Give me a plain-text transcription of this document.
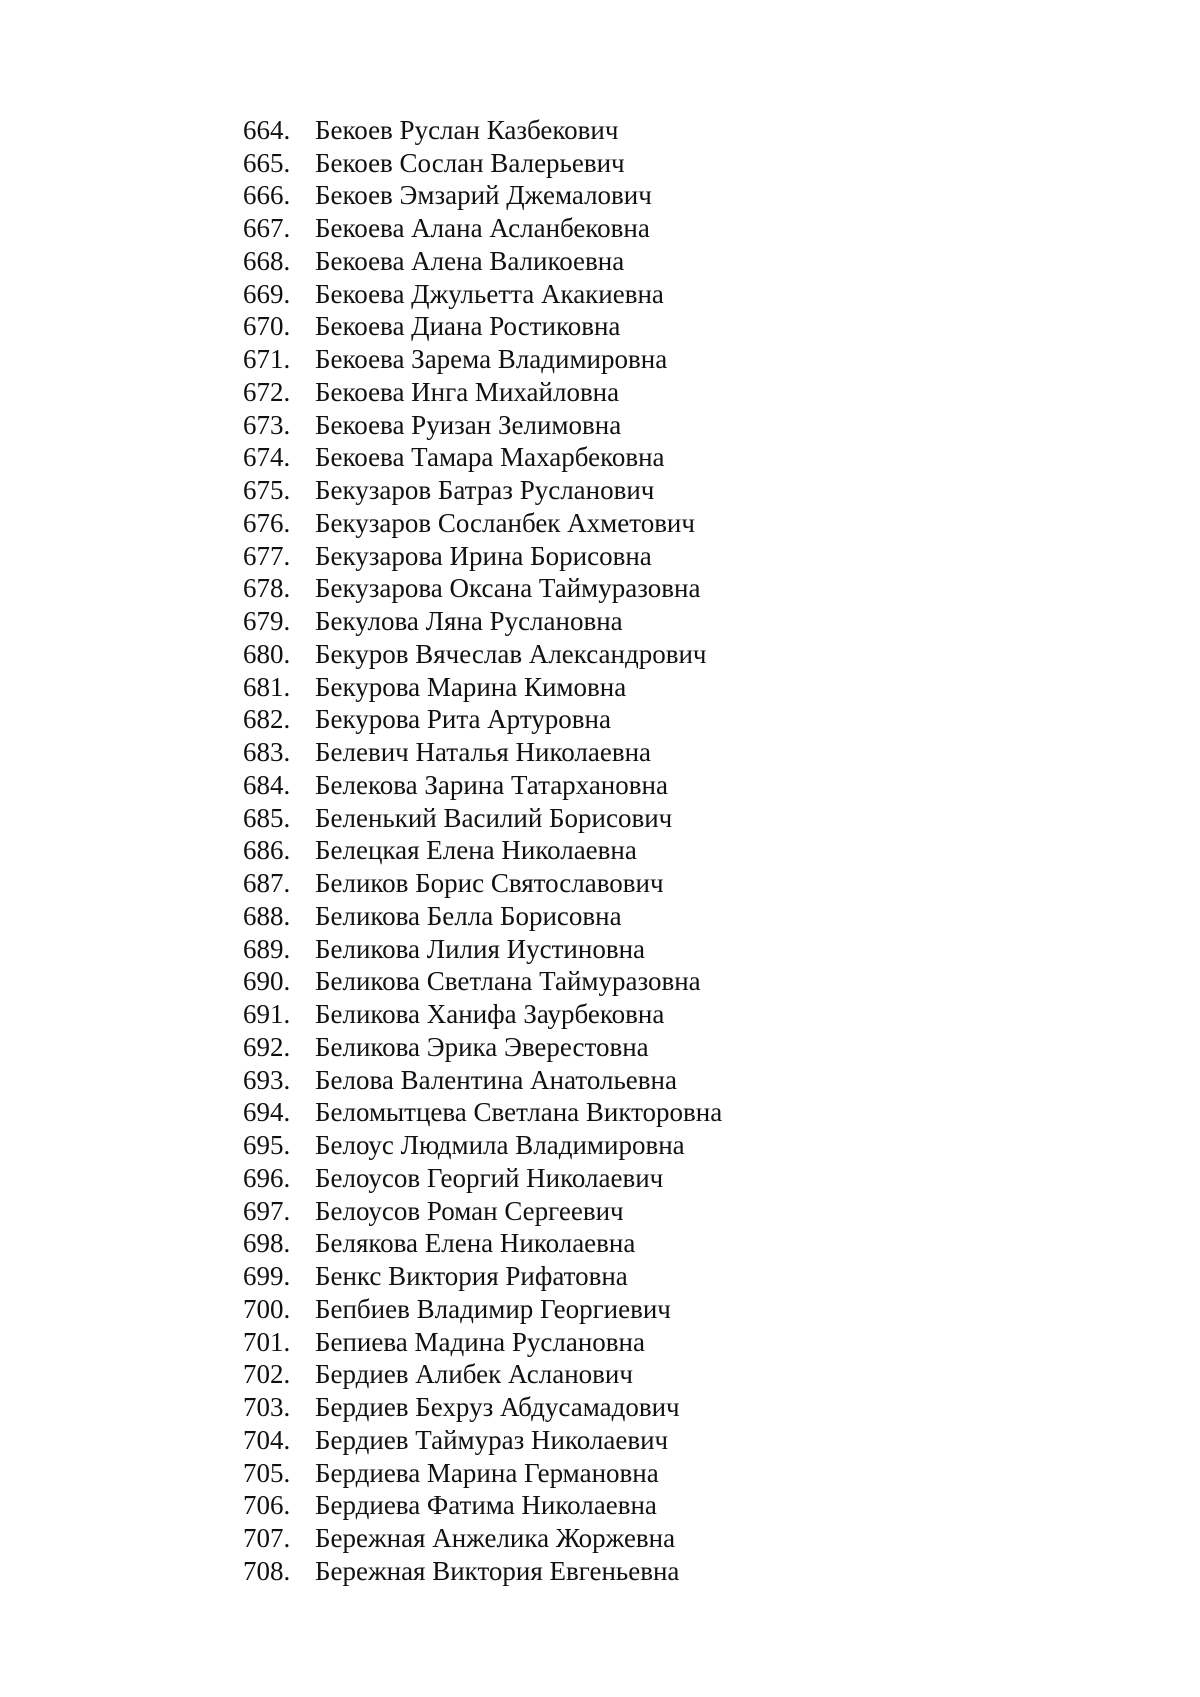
664. Бекоев Руслан Казбекович
665. Бекоев Сослан Валерьевич
666. Бекоев Эмзарий Джемалович
667. Бекоева Алана Асланбековна
668. Бекоева Алена Валикоевна
669. Бекоева Джульетта Акакиевна
670. Бекоева Диана Ростиковна
671. Бекоева Зарема Владимировна
672. Бекоева Инга Михайловна
673. Бекоева Руизан Зелимовна
674. Бекоева Тамара Махарбековна
675. Бекузаров Батраз Русланович
676. Бекузаров Сосланбек Ахметович
677. Бекузарова Ирина Борисовна
678. Бекузарова Оксана Таймуразовна
679. Бекулова Ляна Руслановна
680. Бекуров Вячеслав Александрович
681. Бекурова Марина Кимовна
682. Бекурова Рита Артуровна
683. Белевич Наталья Николаевна
684. Белекова Зарина Татархановна
685. Беленький Василий Борисович
686. Белецкая Елена Николаевна
687. Беликов Борис Святославович
688. Беликова Белла Борисовна
689. Беликова Лилия Иустиновна
690. Беликова Светлана Таймуразовна
691. Беликова Ханифа Заурбековна
692. Беликова Эрика Эверестовна
693. Белова Валентина Анатольевна
694. Беломытцева Светлана Викторовна
695. Белоус Людмила Владимировна
696. Белоусов Георгий Николаевич
697. Белоусов Роман Сергеевич
698. Белякова Елена Николаевна
699. Бенкс Виктория Рифатовна
700. Бепбиев Владимир Георгиевич
701. Бепиева Мадина Руслановна
702. Бердиев Алибек Асланович
703. Бердиев Бехруз Абдусамадович
704. Бердиев Таймураз Николаевич
705. Бердиева Марина Германовна
706. Бердиева Фатима Николаевна
707. Бережная Анжелика Жоржевна
708. Бережная Виктория Евгеньевна
